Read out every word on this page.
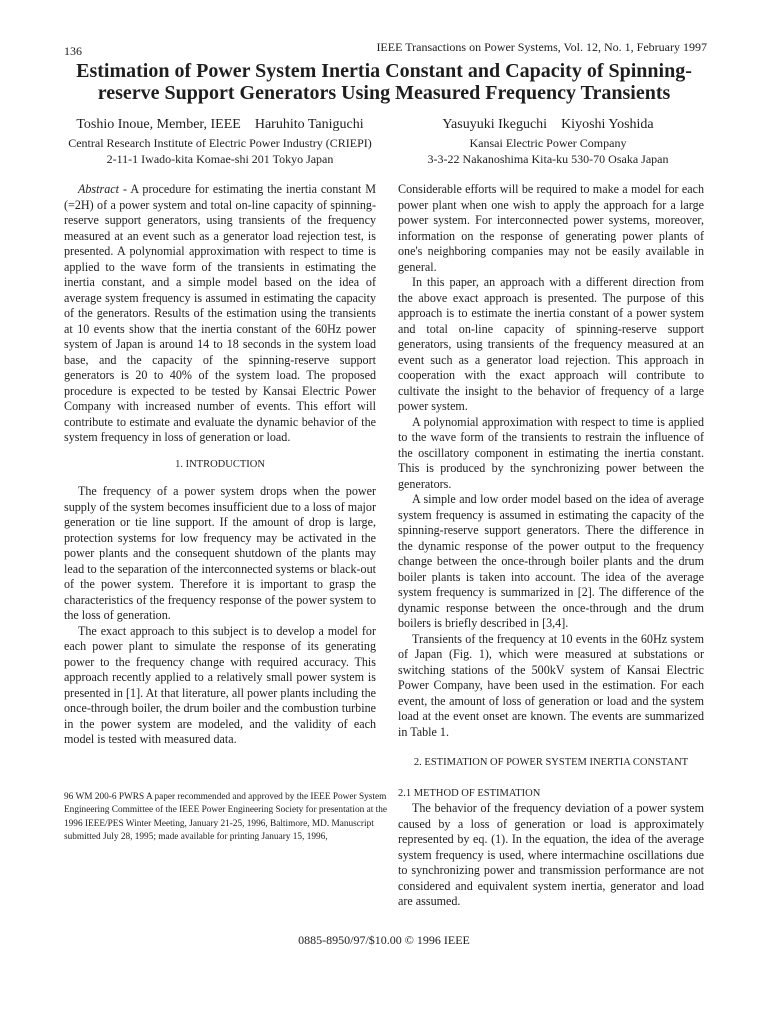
136	IEEE Transactions on Power Systems, Vol. 12, No. 1, February 1997
Estimation of Power System Inertia Constant and Capacity of Spinning-
reserve Support Generators Using Measured Frequency Transients
Toshio Inoue, Member, IEEE    Haruhito Taniguchi
Central Research Institute of Electric Power Industry (CRIEPI)
2-11-1 Iwado-kita Komae-shi 201 Tokyo Japan
Yasuyuki Ikeguchi    Kiyoshi Yoshida
Kansai Electric Power Company
3-3-22 Nakanoshima Kita-ku 530-70 Osaka Japan

Abstract - A procedure for estimating the inertia constant M (=2H) of a power system and total on-line capacity of spinning-reserve support generators, using transients of the frequency measured at an event such as a generator load rejection test, is presented. A polynomial approximation with respect to time is applied to the wave form of the transients in estimating the inertia constant, and a simple model based on the idea of average system frequency is assumed in estimating the capacity of the generators. Results of the estimation using the transients at 10 events show that the inertia constant of the 60Hz power system of Japan is around 14 to 18 seconds in the system load base, and the capacity of the spinning-reserve support generators is 20 to 40% of the system load. The proposed procedure is expected to be tested by Kansai Electric Power Company with increased number of events. This effort will contribute to estimate and evaluate the dynamic behavior of the system frequency in loss of generation or load.

1. INTRODUCTION

The frequency of a power system drops when the power supply of the system becomes insufficient due to a loss of major generation or tie line support. If the amount of drop is large, protection systems for low frequency may be activated in the power plants and the consequent shutdown of the plants may lead to the separation of the interconnected systems or black-out of the power system. Therefore it is important to grasp the characteristics of the frequency response of the power system to the loss of generation.

The exact approach to this subject is to develop a model for each power plant to simulate the response of its generating power to the frequency change with required accuracy. This approach recently applied to a relatively small power system is presented in [1]. At that literature, all power plants including the once-through boiler, the drum boiler and the combustion turbine in the power system are modeled, and the validity of each model is tested with measured data.

96 WM 200-6 PWRS A paper recommended and approved by the IEEE Power System Engineering Committee of the IEEE Power Engineering Society for presentation at the 1996 IEEE/PES Winter Meeting, January 21-25, 1996, Baltimore, MD. Manuscript submitted July 28, 1995; made available for printing January 15, 1996,

Considerable efforts will be required to make a model for each power plant when one wish to apply the approach for a large power system. For interconnected power systems, moreover, information on the response of generating power plants of one's neighboring companies may not be easily available in general.

In this paper, an approach with a different direction from the above exact approach is presented. The purpose of this approach is to estimate the inertia constant of a power system and total on-line capacity of spinning-reserve support generators, using transients of the frequency measured at an event such as a generator load rejection. This approach in cooperation with the exact approach will contribute to cultivate the insight to the behavior of frequency of a large power system.

A polynomial approximation with respect to time is applied to the wave form of the transients to restrain the influence of the oscillatory component in estimating the inertia constant. This is produced by the synchronizing power between the generators.

A simple and low order model based on the idea of average system frequency is assumed in estimating the capacity of the spinning-reserve support generators. There the difference in the dynamic response of the power output to the frequency change between the once-through boiler plants and the drum boiler plants is taken into account. The idea of the average system frequency is summarized in [2]. The difference of the dynamic response between the once-through and the drum boilers is briefly described in [3,4].

Transients of the frequency at 10 events in the 60Hz system of Japan (Fig. 1), which were measured at substations or switching stations of the 500kV system of Kansai Electric Power Company, have been used in the estimation. For each event, the amount of loss of generation or load and the system load at the event onset are known. The events are summarized in Table 1.

2. ESTIMATION OF POWER SYSTEM INERTIA CONSTANT
2.1 METHOD OF ESTIMATION

The behavior of the frequency deviation of a power system caused by a loss of generation or load is approximately represented by eq. (1). In the equation, the idea of the average system frequency is used, where intermachine oscillations due to synchronizing power and transmission performance are not considered and equivalent system inertia, generator and load are assumed.

0885-8950/97/$10.00 © 1996 IEEE
